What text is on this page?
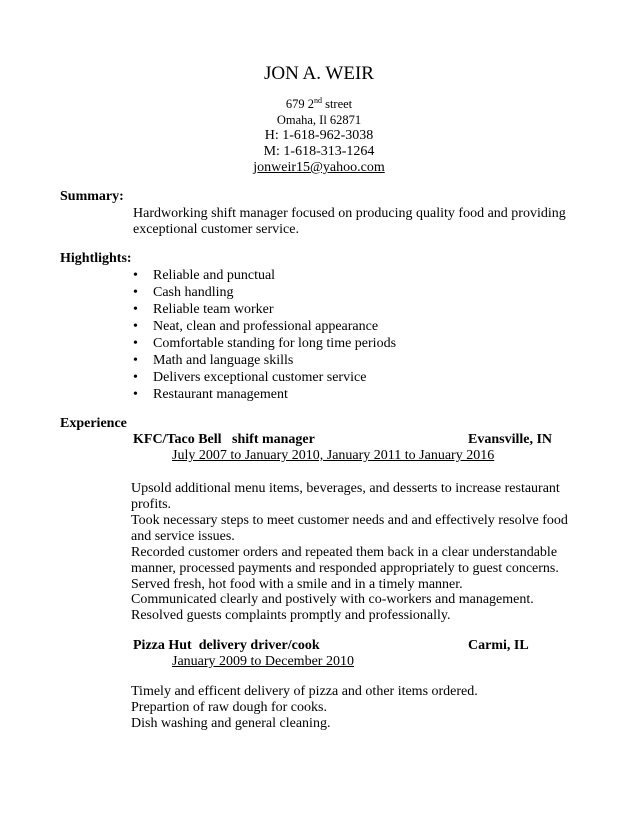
JON A. WEIR
679 2nd street
Omaha, Il 62871
H: 1-618-962-3038
M: 1-618-313-1264
jonweir15@yahoo.com
Summary:
Hardworking shift manager focused on producing quality food and providing
exceptional customer service.
Hightlights:
• Reliable and punctual
• Cash handling
• Reliable team worker
• Neat, clean and professional appearance
• Comfortable standing for long time periods
• Math and language skills
• Delivers exceptional customer service
• Restaurant management
Experience
KFC/Taco Bell   shift manager	Evansville, IN
July 2007 to January 2010, January 2011 to January 2016
Upsold additional menu items, beverages, and desserts to increase restaurant
profits.
Took necessary steps to meet customer needs and and effectively resolve food
and service issues.
Recorded customer orders and repeated them back in a clear understandable
manner, processed payments and responded appropriately to guest concerns.
Served fresh, hot food with a smile and in a timely manner.
Communicated clearly and postively with co-workers and management.
Resolved guests complaints promptly and professionally.
Pizza Hut  delivery driver/cook	Carmi, IL
January 2009 to December 2010
Timely and efficent delivery of pizza and other items ordered.
Prepartion of raw dough for cooks.
Dish washing and general cleaning.
